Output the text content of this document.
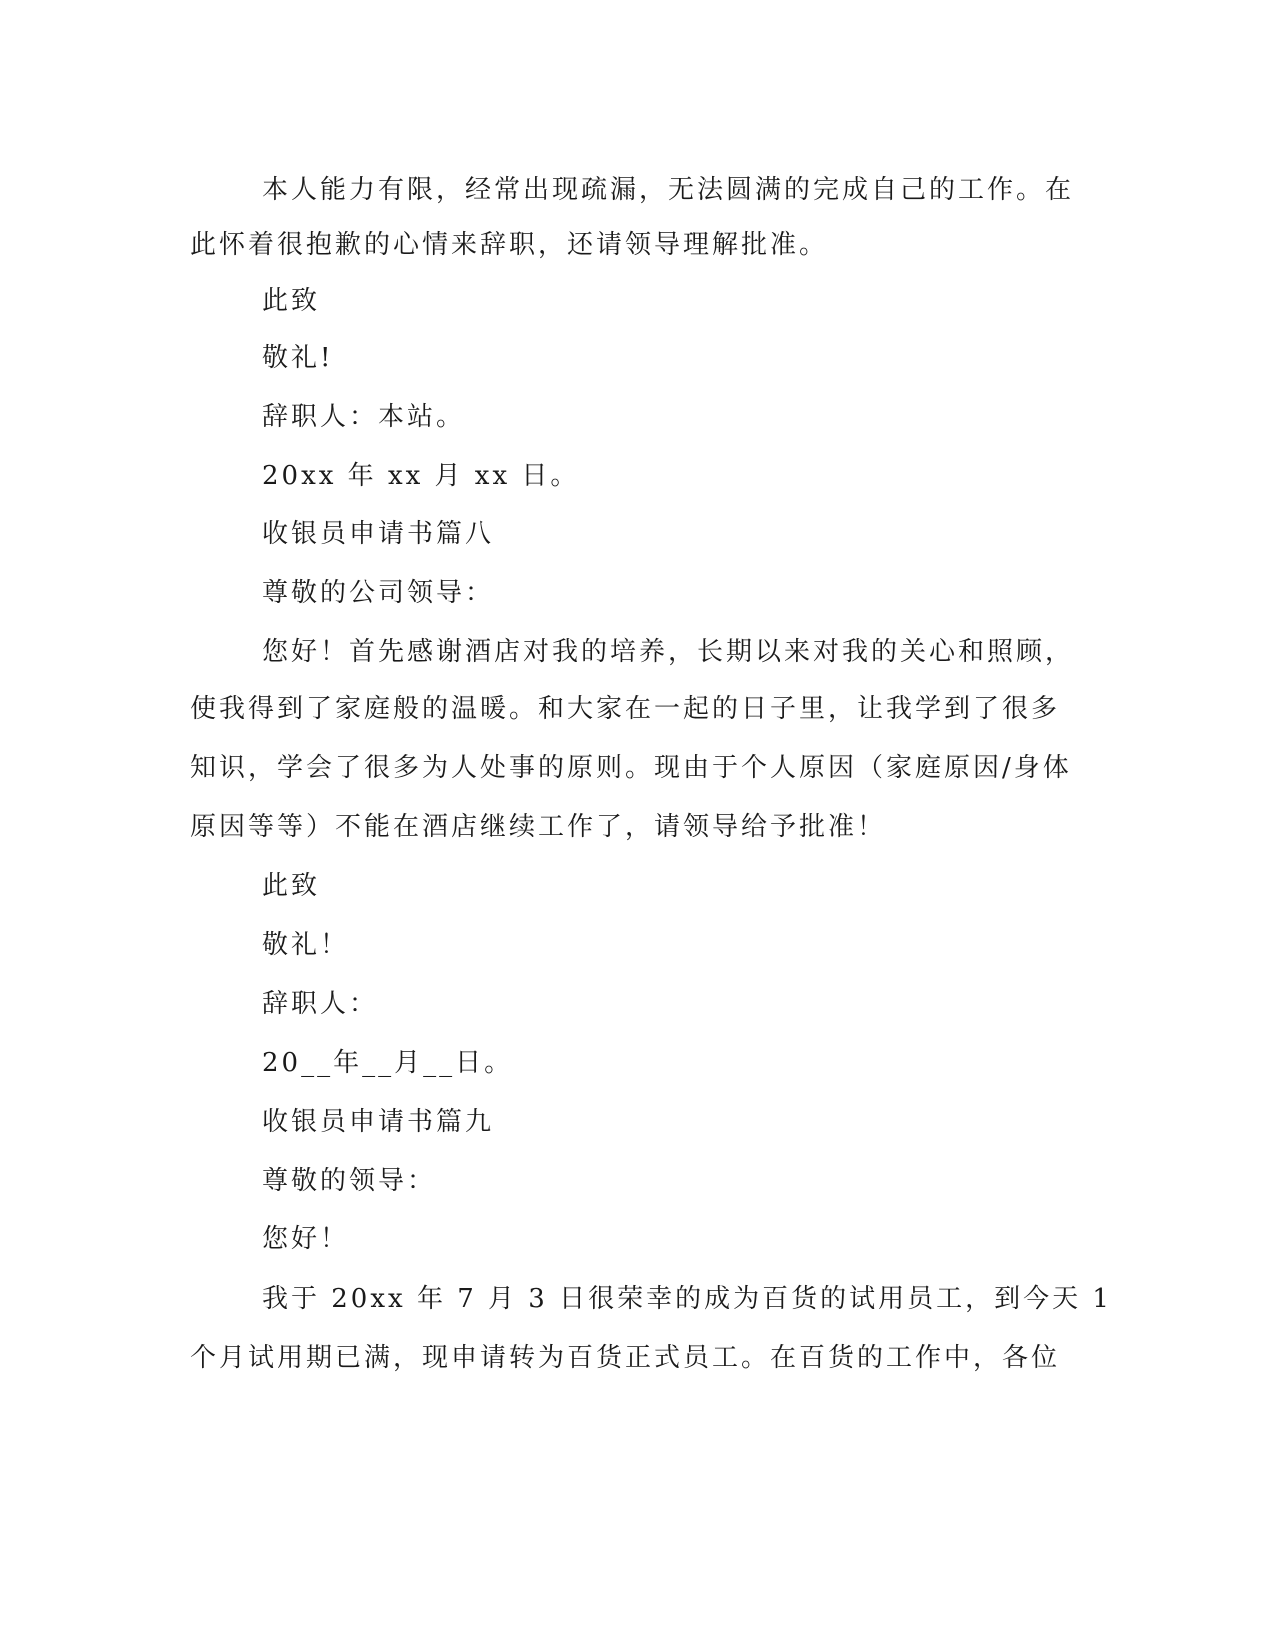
本人能力有限，经常出现疏漏，无法圆满的完成自己的工作。在
此怀着很抱歉的心情来辞职，还请领导理解批准。
此致
敬礼!
辞职人：本站。
20xx 年 xx 月 xx 日。
收银员申请书篇八
尊敬的公司领导：
您好！首先感谢酒店对我的培养，长期以来对我的关心和照顾，
使我得到了家庭般的温暖。和大家在一起的日子里，让我学到了很多
知识，学会了很多为人处事的原则。现由于个人原因（家庭原因/身体
原因等等）不能在酒店继续工作了，请领导给予批准！
此致
敬礼！
辞职人：
20__年__月__日。
收银员申请书篇九
尊敬的领导：
您好！
我于 20xx 年 7 月 3 日很荣幸的成为百货的试用员工，到今天 1
个月试用期已满，现申请转为百货正式员工。在百货的工作中，各位
